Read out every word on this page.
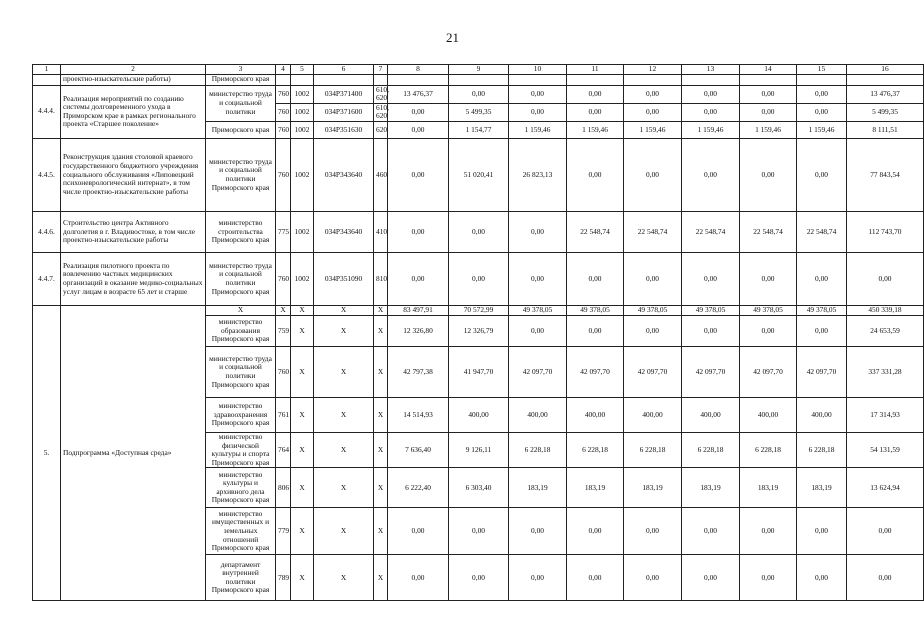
21
1	2	3	4	5	6	7	8	9	10	11	12	13	14	15	16
	проектно-изыскательские работы)	Приморского края													
4.4.4.	Реализация мероприятий по созданию системы долговременного ухода в Приморском крае в рамках регионального проекта «Старшее поколение»	министерство труда и социальной политики	760	1002	034Р371400	610, 620	13 476,37	0,00	0,00	0,00	0,00	0,00	0,00	0,00	13 476,37
			760	1002	034Р371600	610, 620	0,00	5 499,35	0,00	0,00	0,00	0,00	0,00	0,00	5 499,35
		Приморского края	760	1002	034Р351630	620	0,00	1 154,77	1 159,46	1 159,46	1 159,46	1 159,46	1 159,46	1 159,46	8 111,51
4.4.5.	Реконструкция здания столовой краевого государственного бюджетного учреждения социального обслуживания «Липовецкий психоневрологический интернат», в том числе проектно-изыскательские работы	министерство труда и социальной политики Приморского края	760	1002	034Р343640	460	0,00	51 020,41	26 823,13	0,00	0,00	0,00	0,00	0,00	77 843,54
4.4.6.	Строительство центра Активного долголетия в г. Владивостоке, в том числе проектно-изыскательские работы	министерство строительства Приморского края	775	1002	034Р343640	410	0,00	0,00	0,00	22 548,74	22 548,74	22 548,74	22 548,74	22 548,74	112 743,70
4.4.7.	Реализация пилотного проекта по вовлечению частных медицинских организаций в оказание медико-социальных услуг лицам в возрасте 65 лет и старше	министерство труда и социальной политики Приморского края	760	1002	034Р351090	810	0,00	0,00	0,00	0,00	0,00	0,00	0,00	0,00	0,00
5.	Подпрограмма «Доступная среда»	Х	Х	Х	Х	Х	83 497,91	70 572,99	49 378,05	49 378,05	49 378,05	49 378,05	49 378,05	49 378,05	450 339,18
		министерство образования Приморского края	759	Х	Х	Х	12 326,80	12 326,79	0,00	0,00	0,00	0,00	0,00	0,00	24 653,59
		министерство труда и социальной политики Приморского края	760	Х	Х	Х	42 797,38	41 947,70	42 097,70	42 097,70	42 097,70	42 097,70	42 097,70	42 097,70	337 331,28
		министерство здравоохранения Приморского края	761	Х	Х	Х	14 514,93	400,00	400,00	400,00	400,00	400,00	400,00	400,00	17 314,93
		министерство физической культуры и спорта Приморского края	764	Х	Х	Х	7 636,40	9 126,11	6 228,18	6 228,18	6 228,18	6 228,18	6 228,18	6 228,18	54 131,59
		министерство культуры и архивного дела Приморского края	806	Х	Х	Х	6 222,40	6 303,40	183,19	183,19	183,19	183,19	183,19	183,19	13 624,94
		министерство имущественных и земельных отношений Приморского края	779	Х	Х	Х	0,00	0,00	0,00	0,00	0,00	0,00	0,00	0,00	0,00
		департамент внутренней политики Приморского края	789	Х	Х	Х	0,00	0,00	0,00	0,00	0,00	0,00	0,00	0,00	0,00
